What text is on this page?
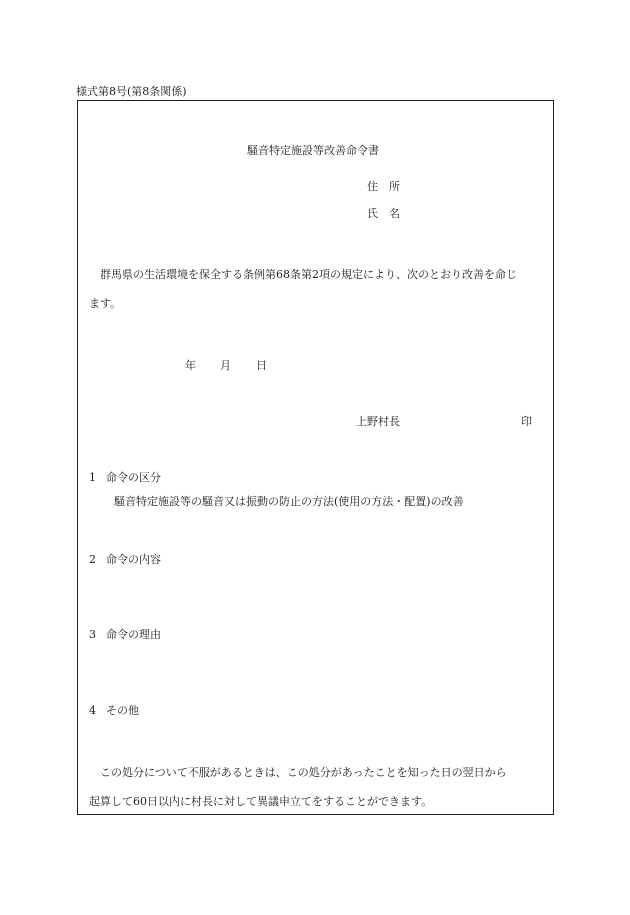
様式第8号(第8条関係)
騒音特定施設等改善命令書
住　所
氏　名
群馬県の生活環境を保全する条例第68条第2項の規定により、次のとおり改善を命じ
ます。
年 月 日
上野村長	印
1 命令の区分
騒音特定施設等の騒音又は振動の防止の方法(使用の方法・配置)の改善
2 命令の内容
3 命令の理由
4 その他
この処分について不服があるときは、この処分があったことを知った日の翌日から
起算して60日以内に村長に対して異議申立てをすることができます。
